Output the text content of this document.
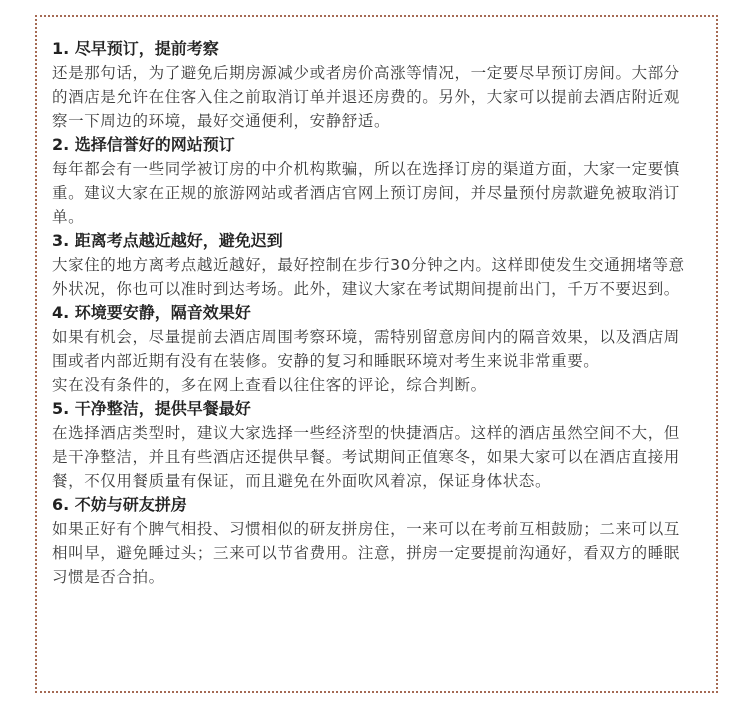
1. 尽早预订，提前考察

还是那句话，为了避免后期房源减少或者房价高涨等情况，一定要尽早预订房间。大部分的酒店是允许在住客入住之前取消订单并退还房费的。另外，大家可以提前去酒店附近观察一下周边的环境，最好交通便利，安静舒适。

2. 选择信誉好的网站预订

每年都会有一些同学被订房的中介机构欺骗，所以在选择订房的渠道方面，大家一定要慎重。建议大家在正规的旅游网站或者酒店官网上预订房间，并尽量预付房款避免被取消订单。

3. 距离考点越近越好，避免迟到

大家住的地方离考点越近越好，最好控制在步行30分钟之内。这样即使发生交通拥堵等意外状况，你也可以准时到达考场。此外，建议大家在考试期间提前出门，千万不要迟到。

4. 环境要安静，隔音效果好

如果有机会，尽量提前去酒店周围考察环境，需特别留意房间内的隔音效果，以及酒店周围或者内部近期有没有在装修。安静的复习和睡眠环境对考生来说非常重要。

实在没有条件的，多在网上查看以往住客的评论，综合判断。

5. 干净整洁，提供早餐最好

在选择酒店类型时，建议大家选择一些经济型的快捷酒店。这样的酒店虽然空间不大，但是干净整洁，并且有些酒店还提供早餐。考试期间正值寒冬，如果大家可以在酒店直接用餐，不仅用餐质量有保证，而且避免在外面吹风着凉，保证身体状态。

6. 不妨与研友拼房

如果正好有个脾气相投、习惯相似的研友拼房住，一来可以在考前互相鼓励；二来可以互相叫早，避免睡过头；三来可以节省费用。注意，拼房一定要提前沟通好，看双方的睡眠习惯是否合拍。
